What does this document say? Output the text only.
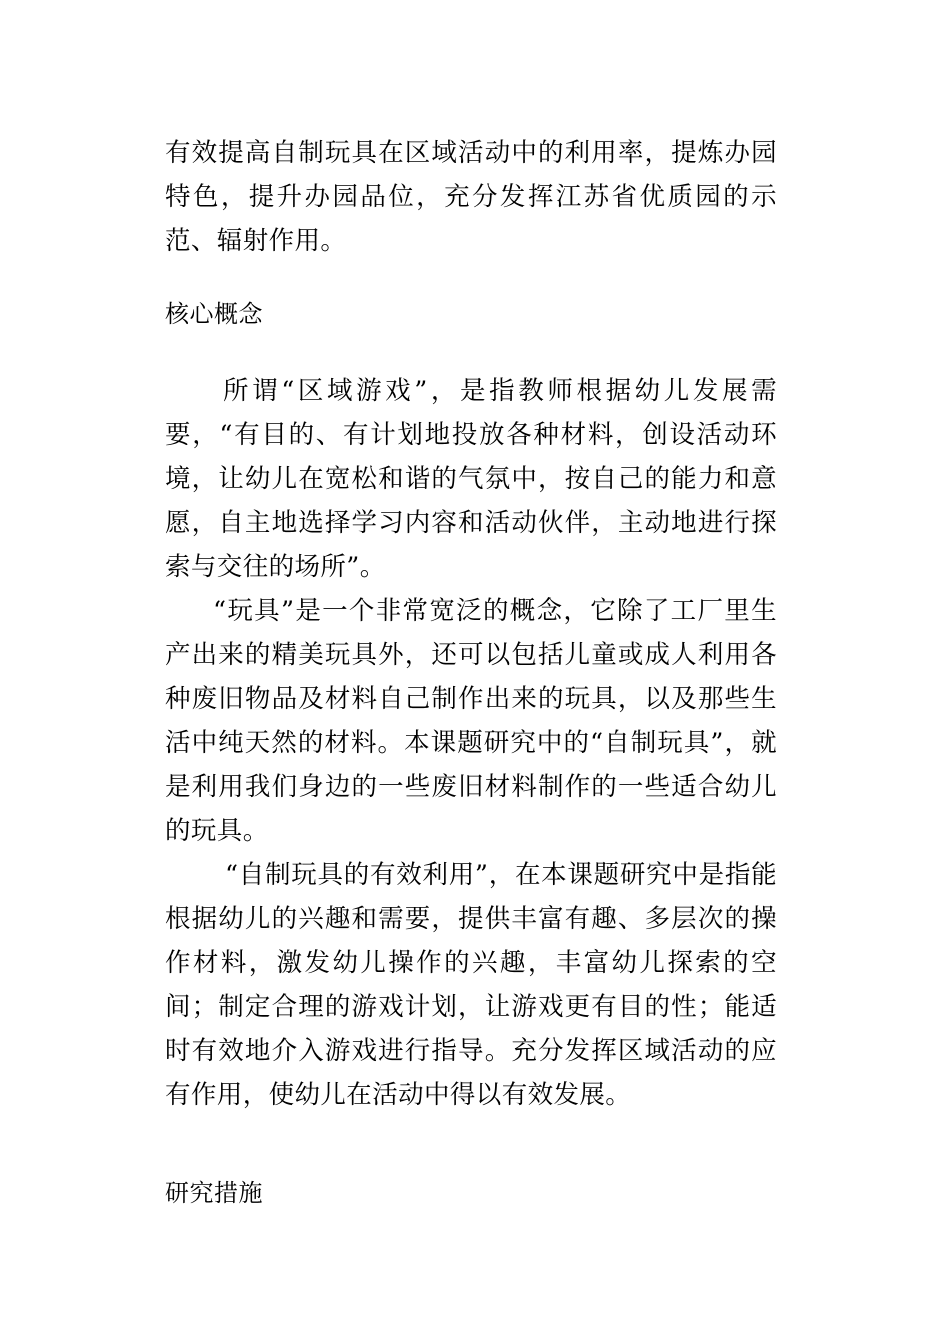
有效提高自制玩具在区域活动中的利用率，提炼办园特色，提升办园品位，充分发挥江苏省优质园的示范、辐射作用。

核心概念

所谓“区域游戏”，是指教师根据幼儿发展需要，“有目的、有计划地投放各种材料，创设活动环境，让幼儿在宽松和谐的气氛中，按自己的能力和意愿，自主地选择学习内容和活动伙伴，主动地进行探索与交往的场所”。

“玩具”是一个非常宽泛的概念，它除了工厂里生产出来的精美玩具外，还可以包括儿童或成人利用各种废旧物品及材料自己制作出来的玩具，以及那些生活中纯天然的材料。本课题研究中的“自制玩具”，就是利用我们身边的一些废旧材料制作的一些适合幼儿的玩具。

“自制玩具的有效利用”，在本课题研究中是指能根据幼儿的兴趣和需要，提供丰富有趣、多层次的操作材料，激发幼儿操作的兴趣，丰富幼儿探索的空间；制定合理的游戏计划，让游戏更有目的性；能适时有效地介入游戏进行指导。充分发挥区域活动的应有作用，使幼儿在活动中得以有效发展。

研究措施
